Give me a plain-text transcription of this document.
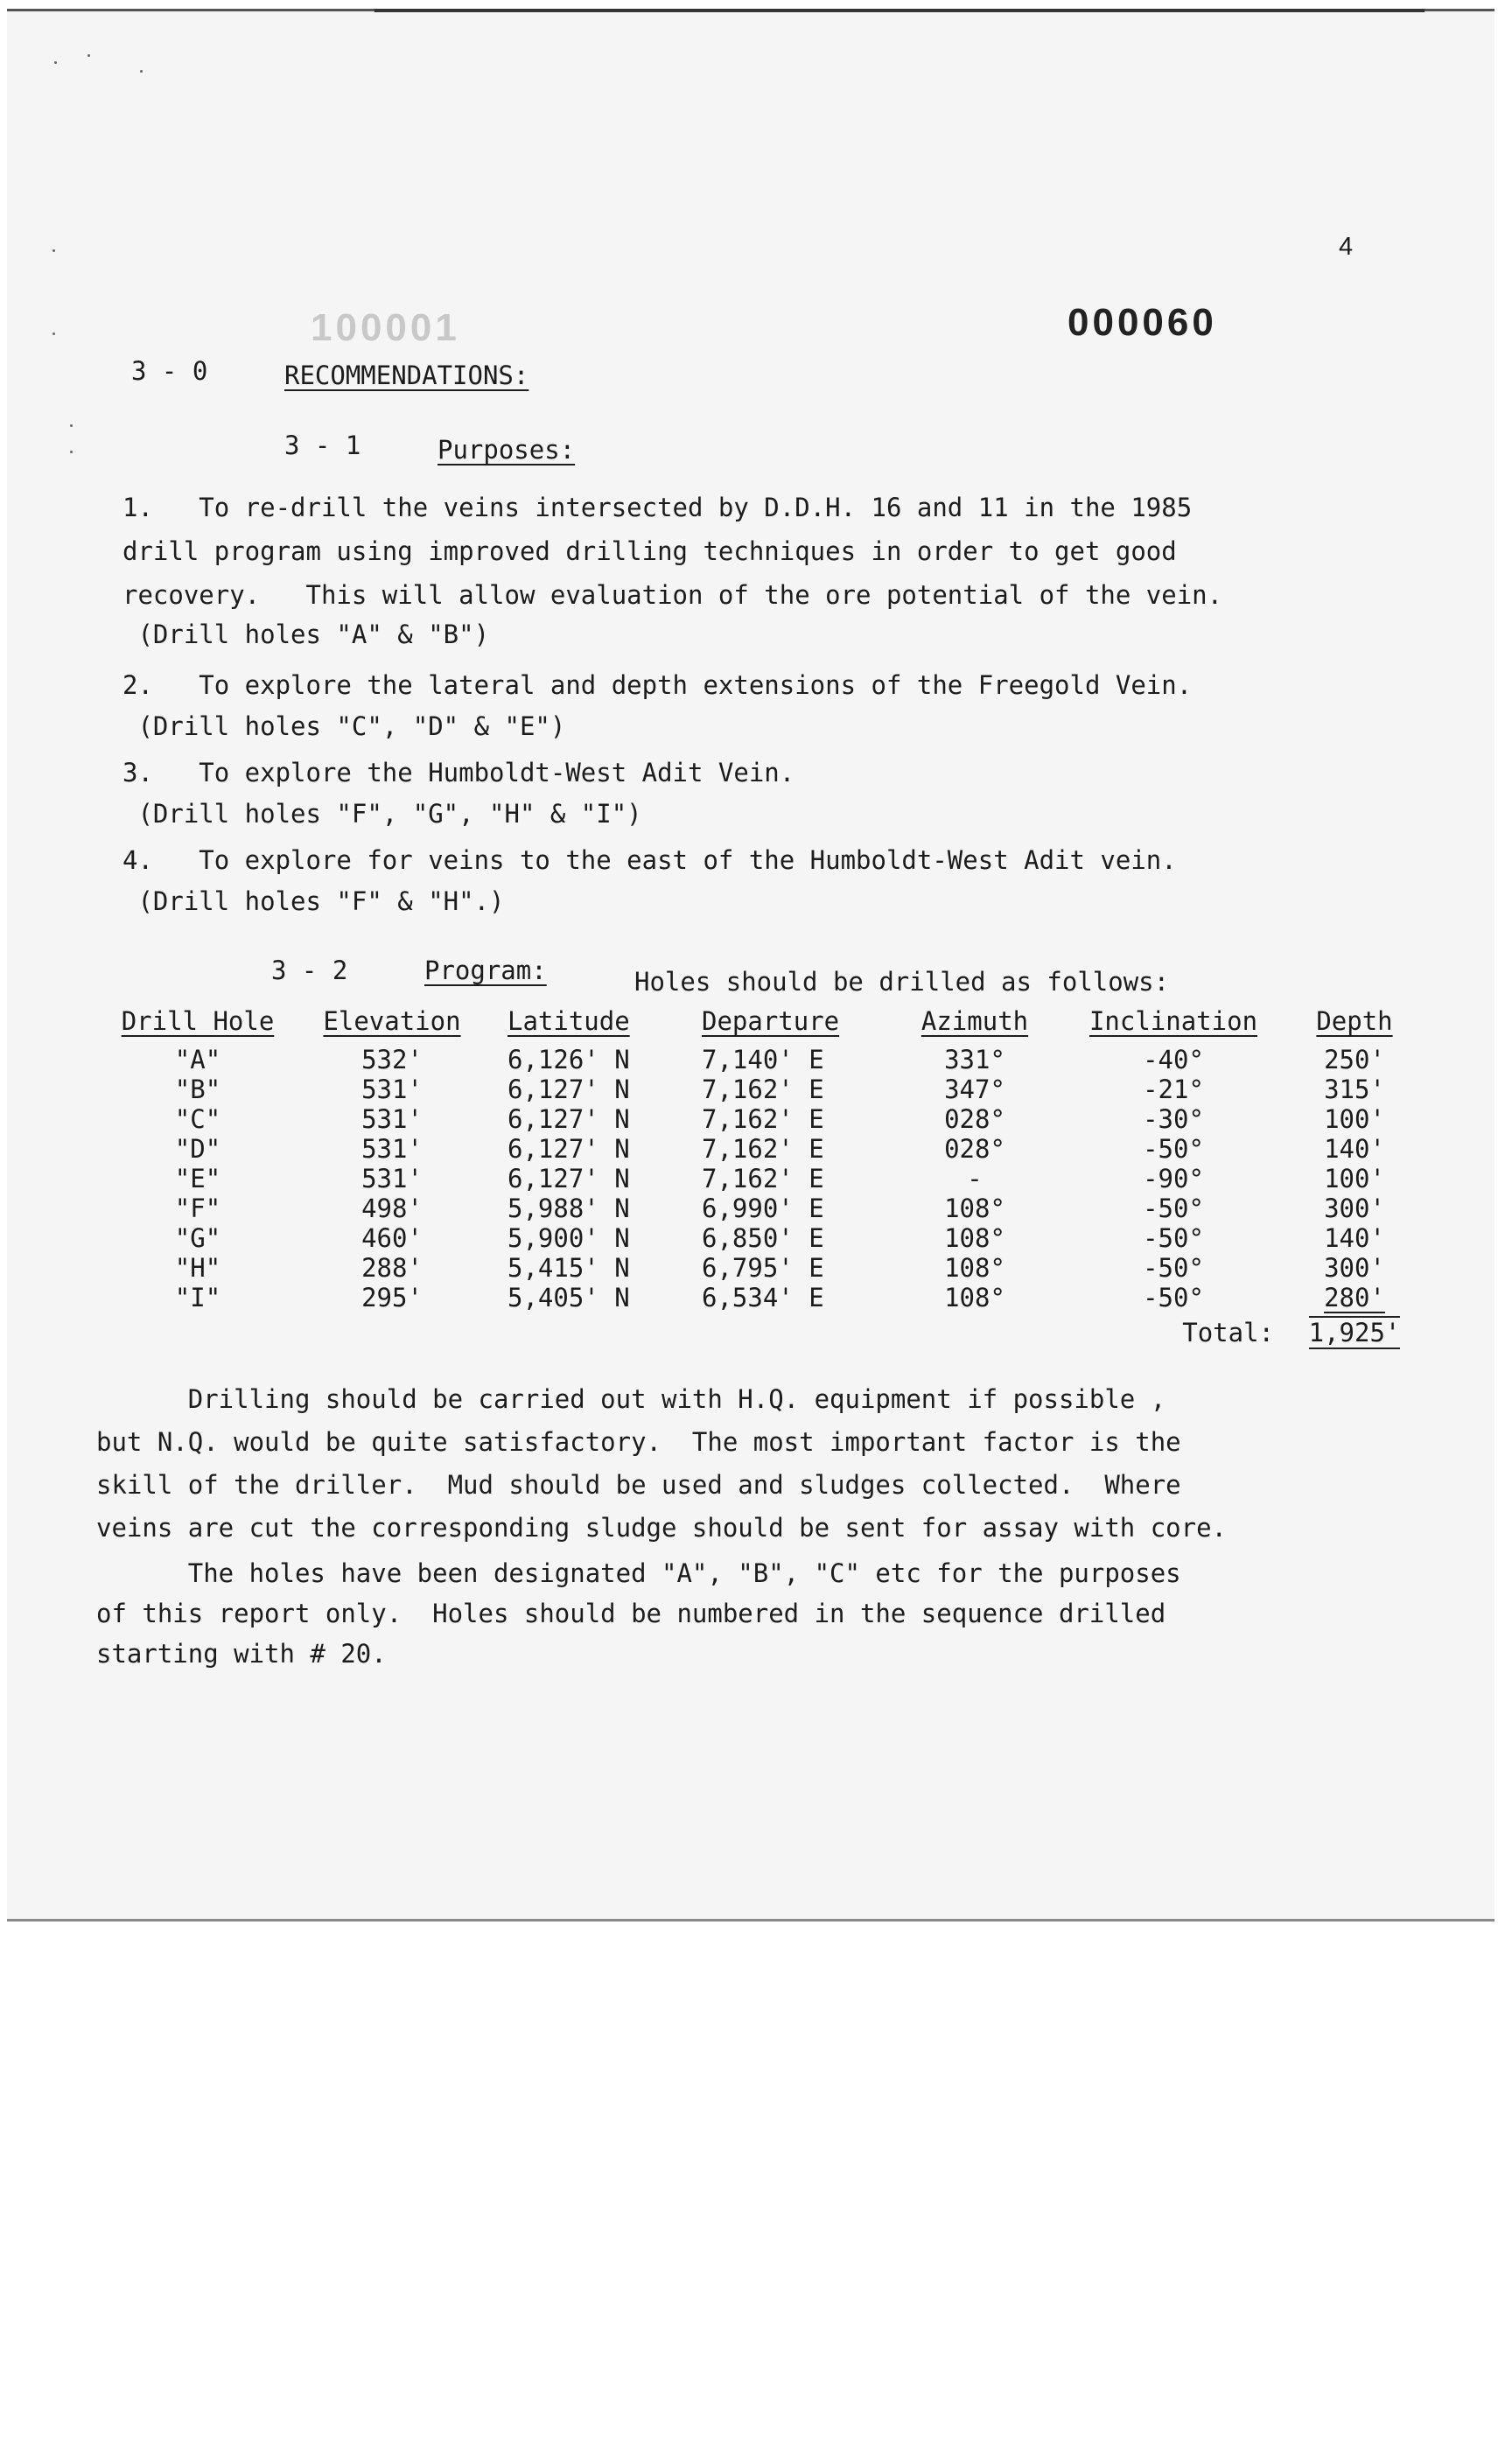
4
100001	000060
3 - 0	RECOMMENDATIONS:
3 - 1	Purposes:
1.   To re-drill the veins intersected by D.D.H. 16 and 11 in the 1985
drill program using improved drilling techniques in order to get good
recovery.   This will allow evaluation of the ore potential of the vein.
(Drill holes "A" & "B")
2.   To explore the lateral and depth extensions of the Freegold Vein.
(Drill holes "C", "D" & "E")
3.   To explore the Humboldt-West Adit Vein.
(Drill holes "F", "G", "H" & "I")
4.   To explore for veins to the east of the Humboldt-West Adit vein.
(Drill holes "F" & "H".)
3 - 2	Program:	Holes should be drilled as follows:
Drill Hole	Elevation	Latitude	Departure	Azimuth	Inclination	Depth
"A"	532'	6,126' N	7,140' E	331°	-40°	250'
"B"	531'	6,127' N	7,162' E	347°	-21°	315'
"C"	531'	6,127' N	7,162' E	028°	-30°	100'
"D"	531'	6,127' N	7,162' E	028°	-50°	140'
"E"	531'	6,127' N	7,162' E	-	-90°	100'
"F"	498'	5,988' N	6,990' E	108°	-50°	300'
"G"	460'	5,900' N	6,850' E	108°	-50°	140'
"H"	288'	5,415' N	6,795' E	108°	-50°	300'
"I"	295'	5,405' N	6,534' E	108°	-50°	280'
					Total:	1,925'
Drilling should be carried out with H.Q. equipment if possible ,
but N.Q. would be quite satisfactory.  The most important factor is the
skill of the driller.  Mud should be used and sludges collected.  Where
veins are cut the corresponding sludge should be sent for assay with core.
The holes have been designated "A", "B", "C" etc for the purposes
of this report only.  Holes should be numbered in the sequence drilled
starting with # 20.
